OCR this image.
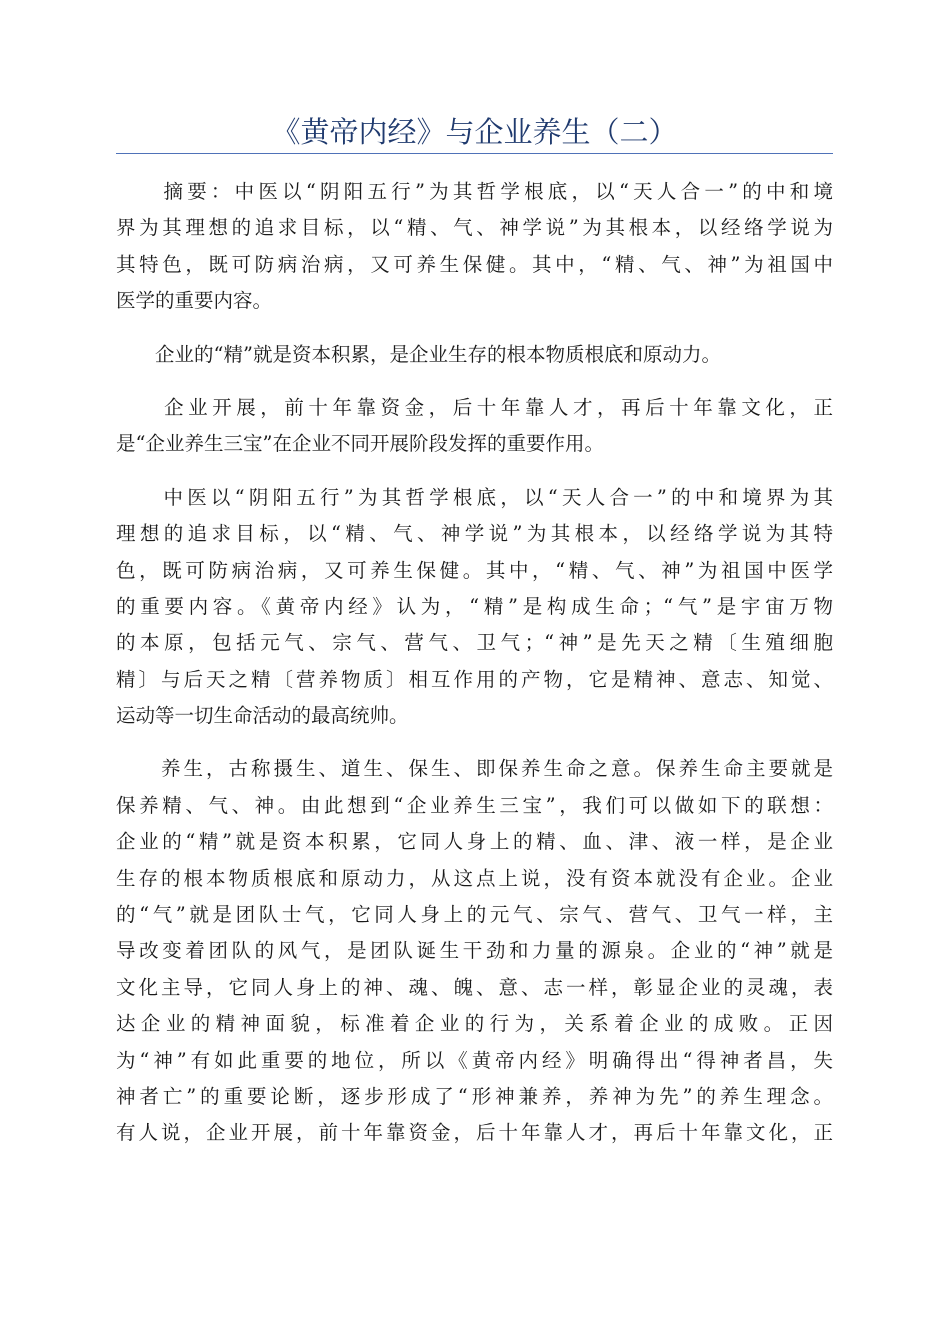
《黄帝内经》与企业养生（二）
　　摘要：中医以“阴阳五行”为其哲学根底，以“天人合一”的中和境
界为其理想的追求目标，以“精、气、神学说”为其根本，以经络学说为
其特色，既可防病治病，又可养生保健。其中，“精、气、神”为祖国中
医学的重要内容。
　　企业的“精”就是资本积累，是企业生存的根本物质根底和原动力。
　　企业开展，前十年靠资金，后十年靠人才，再后十年靠文化，正
是“企业养生三宝”在企业不同开展阶段发挥的重要作用。
　　中医以“阴阳五行”为其哲学根底，以“天人合一”的中和境界为其
理想的追求目标，以“精、气、神学说”为其根本，以经络学说为其特
色，既可防病治病，又可养生保健。其中，“精、气、神”为祖国中医学
的重要内容。《黄帝内经》认为，“精”是构成生命；“气”是宇宙万物
的本原，包括元气、宗气、营气、卫气；“神”是先天之精〔生殖细胞
精〕与后天之精〔营养物质〕相互作用的产物，它是精神、意志、知觉、
运动等一切生命活动的最高统帅。
　　养生，古称摄生、道生、保生、即保养生命之意。保养生命主要就是
保养精、气、神。由此想到“企业养生三宝”，我们可以做如下的联想：
企业的“精”就是资本积累，它同人身上的精、血、津、液一样，是企业
生存的根本物质根底和原动力，从这点上说，没有资本就没有企业。企业
的“气”就是团队士气，它同人身上的元气、宗气、营气、卫气一样，主
导改变着团队的风气，是团队诞生干劲和力量的源泉。企业的“神”就是
文化主导，它同人身上的神、魂、魄、意、志一样，彰显企业的灵魂，表
达企业的精神面貌，标准着企业的行为，关系着企业的成败。正因
为“神”有如此重要的地位，所以《黄帝内经》明确得出“得神者昌，失
神者亡”的重要论断，逐步形成了“形神兼养，养神为先”的养生理念。
有人说，企业开展，前十年靠资金，后十年靠人才，再后十年靠文化，正
